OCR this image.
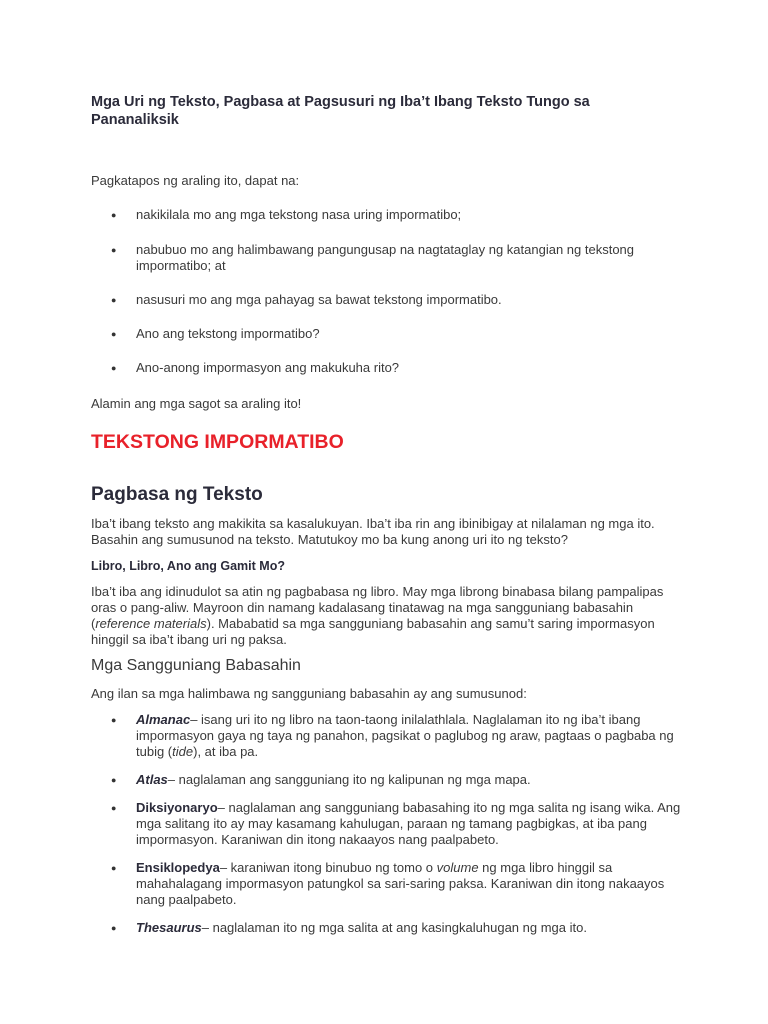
Mga Uri ng Teksto, Pagbasa at Pagsusuri ng Iba’t Ibang Teksto Tungo sa Pananaliksik

Pagkatapos ng araling ito, dapat na:

● nakikilala mo ang mga tekstong nasa uring impormatibo;
● nabubuo mo ang halimbawang pangungusap na nagtataglay ng katangian ng tekstong impormatibo; at
● nasusuri mo ang mga pahayag sa bawat tekstong impormatibo.
● Ano ang tekstong impormatibo?
● Ano-anong impormasyon ang makukuha rito?

Alamin ang mga sagot sa araling ito!

TEKSTONG IMPORMATIBO
Pagbasa ng Teksto

Iba’t ibang teksto ang makikita sa kasalukuyan. Iba’t iba rin ang ibinibigay at nilalaman ng mga ito. Basahin ang sumusunod na teksto. Matutukoy mo ba kung anong uri ito ng teksto?

Libro, Libro, Ano ang Gamit Mo?

Iba’t iba ang idinudulot sa atin ng pagbabasa ng libro. May mga librong binabasa bilang pampalipas oras o pang-aliw. Mayroon din namang kadalasang tinatawag na mga sangguniang babasahin (reference materials). Mababatid sa mga sangguniang babasahin ang samu’t saring impormasyon hinggil sa iba’t ibang uri ng paksa.

Mga Sangguniang Babasahin

Ang ilan sa mga halimbawa ng sangguniang babasahin ay ang sumusunod:

● Almanac– isang uri ito ng libro na taon-taong inilalathlala. Naglalaman ito ng iba’t ibang impormasyon gaya ng taya ng panahon, pagsikat o paglubog ng araw, pagtaas o pagbaba ng tubig (tide), at iba pa.
● Atlas– naglalaman ang sangguniang ito ng kalipunan ng mga mapa.
● Diksiyonaryo– naglalaman ang sangguniang babasahing ito ng mga salita ng isang wika. Ang mga salitang ito ay may kasamang kahulugan, paraan ng tamang pagbigkas, at iba pang impormasyon. Karaniwan din itong nakaayos nang paalpabeto.
● Ensiklopedya– karaniwan itong binubuo ng tomo o volume ng mga libro hinggil sa mahahalagang impormasyon patungkol sa sari-saring paksa. Karaniwan din itong nakaayos nang paalpabeto.
● Thesaurus– naglalaman ito ng mga salita at ang kasingkaluhugan ng mga ito.
